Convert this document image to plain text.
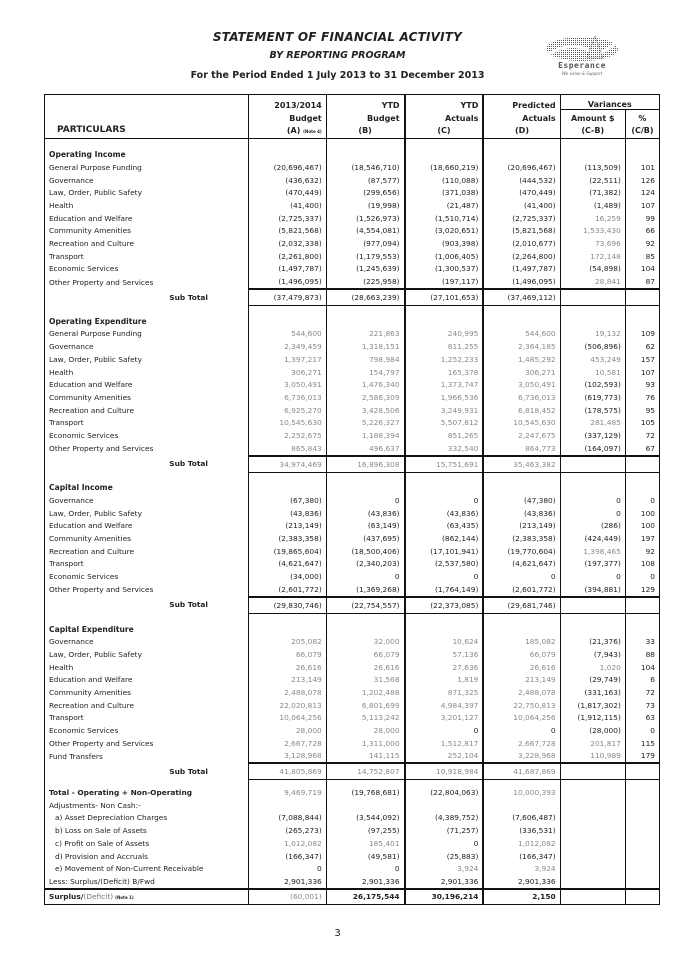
STATEMENT OF FINANCIAL ACTIVITY
BY REPORTING PROGRAM
For the Period Ended 1 July 2013 to 31 December 2013
Esperance
We value & Support
PARTICULARS	2013/2014	YTD	YTD	Predicted	Variances	
	Budget	Budget	Actuals	Actuals	Amount $	%
	(A) (Note 4)	(B)	(C)	(D)	(C-B)	(C/B)

Operating Income						
General Purpose Funding	(20,696,467)	(18,546,710)	(18,660,219)	(20,696,467)	(113,509)	101
Governance	(436,632)	(87,577)	(110,088)	(444,532)	(22,511)	126
Law, Order, Public Safety	(470,449)	(299,656)	(371,038)	(470,449)	(71,382)	124
Health	(41,400)	(19,998)	(21,487)	(41,400)	(1,489)	107
Education and Welfare	(2,725,337)	(1,526,973)	(1,510,714)	(2,725,337)	16,259	99
Community Amenities	(5,821,568)	(4,554,081)	(3,020,651)	(5,821,568)	1,533,430	66
Recreation and Culture	(2,032,338)	(977,094)	(903,398)	(2,010,677)	73,696	92
Transport	(2,261,800)	(1,179,553)	(1,006,405)	(2,264,800)	172,148	85
Economic Services	(1,497,787)	(1,245,639)	(1,300,537)	(1,497,787)	(54,898)	104
Other Property and Services	(1,496,095)	(225,958)	(197,117)	(1,496,095)	28,841	87
Sub Total	(37,479,873)	(28,663,239)	(27,101,653)	(37,469,112)		

Operating Expenditure						
General Purpose Funding	544,600	221,863	240,995	544,600	19,132	109
Governance	2,349,459	1,318,151	811,255	2,364,185	(506,896)	62
Law, Order, Public Safety	1,397,217	798,984	1,252,233	1,485,292	453,249	157
Health	306,271	154,797	165,378	306,271	10,581	107
Education and Welfare	3,050,491	1,476,340	1,373,747	3,050,491	(102,593)	93
Community Amenities	6,736,013	2,586,309	1,966,536	6,736,013	(619,773)	76
Recreation and Culture	6,925,270	3,428,506	3,249,931	6,818,452	(178,575)	95
Transport	10,545,630	5,226,327	5,507,812	10,545,630	281,485	105
Economic Services	2,252,675	1,188,394	851,265	2,247,675	(337,129)	72
Other Property and Services	865,843	496,637	332,540	864,773	(164,097)	67
Sub Total	34,974,469	16,896,308	15,751,691	35,463,382		

Capital Income						
Governance	(67,380)	0	0	(47,380)	0	0
Law, Order, Public Safety	(43,836)	(43,836)	(43,836)	(43,836)	0	100
Education and Welfare	(213,149)	(63,149)	(63,435)	(213,149)	(286)	100
Community Amenities	(2,383,358)	(437,695)	(862,144)	(2,383,358)	(424,449)	197
Recreation and Culture	(19,865,604)	(18,500,406)	(17,101,941)	(19,770,604)	1,398,465	92
Transport	(4,621,647)	(2,340,203)	(2,537,580)	(4,621,647)	(197,377)	108
Economic Services	(34,000)	0	0	0	0	0
Other Property and Services	(2,601,772)	(1,369,268)	(1,764,149)	(2,601,772)	(394,881)	129
Sub Total	(29,830,746)	(22,754,557)	(22,373,085)	(29,681,746)		

Capital Expenditure						
Governance	205,082	32,000	10,624	185,082	(21,376)	33
Law, Order, Public Safety	66,079	66,079	57,136	66,079	(7,943)	88
Health	26,616	26,616	27,636	26,616	1,020	104
Education and Welfare	213,149	31,568	1,819	213,149	(29,749)	6
Community Amenities	2,488,078	1,202,488	871,325	2,488,078	(331,163)	72
Recreation and Culture	22,020,813	6,801,699	4,984,397	22,750,813	(1,817,302)	73
Transport	10,064,256	5,113,242	3,201,127	10,064,256	(1,912,115)	63
Economic Services	28,000	28,000	0	0	(28,000)	0
Other Property and Services	2,667,728	1,311,000	1,512,817	2,667,728	201,817	115
Fund Transfers	3,128,968	141,115	252,104	3,228,968	110,989	179
Sub Total	41,805,869	14,752,807	10,918,984	41,687,869		

Total - Operating + Non-Operating	9,469,719	(19,768,681)	(22,804,063)	10,000,393		
Adjustments- Non Cash:-						
a) Asset Depreciation Charges	(7,088,844)	(3,544,092)	(4,389,752)	(7,606,487)		
b) Loss on Sale of Assets	(265,273)	(97,255)	(71,257)	(336,531)		
c) Profit on Sale of Assets	1,012,082	185,401	0	1,012,082		
d) Provision and Accruals	(166,347)	(49,581)	(25,883)	(166,347)		
e) Movement of Non-Current Receivable	0	0	3,924	3,924		
Less: Surplus/(Deficit) B/Fwd	2,901,336	2,901,336	2,901,336	2,901,336		
Surplus/(Deficit) (Note 1)	(60,001)	26,175,544	30,196,214	2,150		
3
